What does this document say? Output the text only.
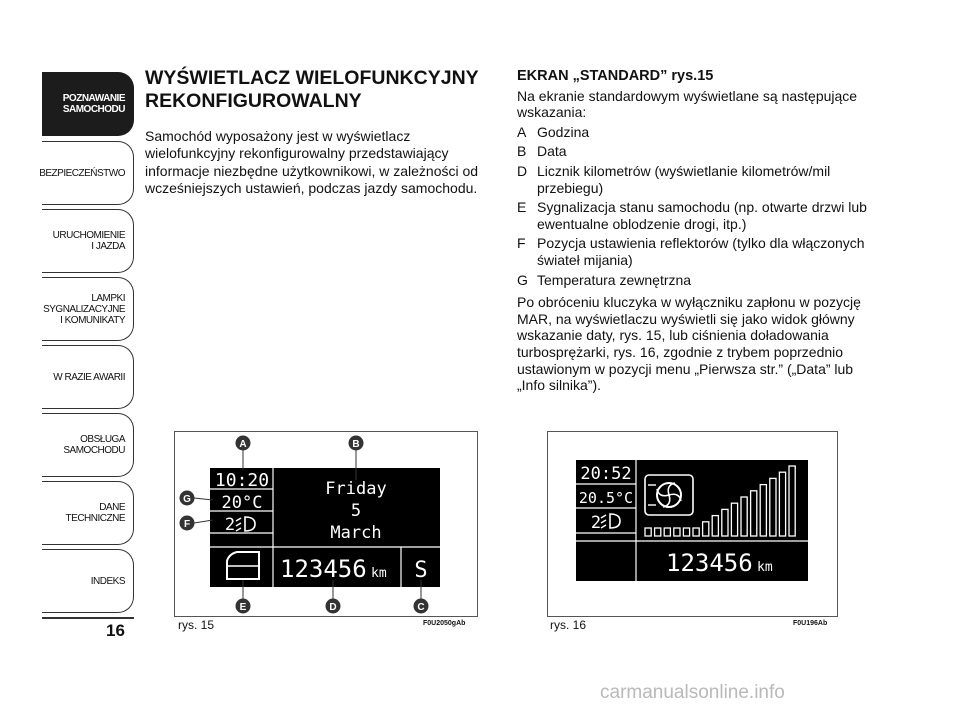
POZNAWANIE
SAMOCHODU
BEZPIECZEŃSTWO
URUCHOMIENIE
I JAZDA
LAMPKI
SYGNALIZACYJNE
I KOMUNIKATY
W RAZIE AWARII
OBSŁUGA
SAMOCHODU
DANE
TECHNICZNE
INDEKS
16
WYŚWIETLACZ WIELOFUNKCYJNY
REKONFIGUROWALNY
Samochód wyposażony jest w wyświetlacz wielofunkcyjny rekonfigurowalny przedstawiający informacje niezbędne użytkownikowi, w zależności od wcześniejszych ustawień, podczas jazdy samochodu.
EKRAN „STANDARD” rys.15
Na ekranie standardowym wyświetlane są następujące wskazania:
A Godzina
B Data
D Licznik kilometrów (wyświetlanie kilometrów/mil przebiegu)
E Sygnalizacja stanu samochodu (np. otwarte drzwi lub ewentualne oblodzenie drogi, itp.)
F Pozycja ustawienia reflektorów (tylko dla włączonych świateł mijania)
G Temperatura zewnętrzna
Po obróceniu kluczyka w wyłączniku zapłonu w pozycję MAR, na wyświetlaczu wyświetli się jako widok główny wskazanie daty, rys. 15, lub ciśnienia doładowania turbosprężarki, rys. 16, zgodnie z trybem poprzednio ustawionym w pozycji menu „Pierwsza str.” („Data” lub „Info silnika”).
10:20
20°C
2
Friday
5
March
123456 km S
A	B
C
D
E
F
G
rys. 15	F0U2050gAb
20:52
20.5°C
2
123456 km
rys. 16	F0U196Ab
carmanualsonline.info
